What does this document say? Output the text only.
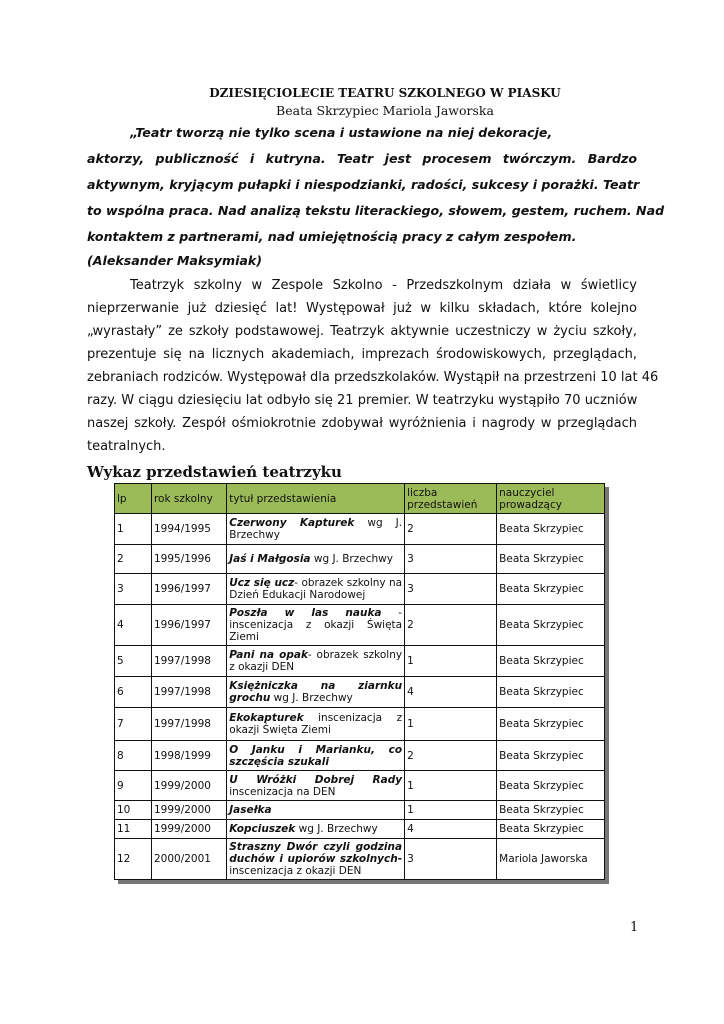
DZIESIĘCIOLECIE TEATRU SZKOLNEGO W PIASKU
Beata Skrzypiec Mariola Jaworska
„Teatr tworzą nie tylko scena i ustawione na niej dekoracje,
aktorzy, publiczność i kutryna. Teatr jest procesem twórczym. Bardzo
aktywnym, kryjącym pułapki i niespodzianki, radości, sukcesy i porażki. Teatr
to wspólna praca. Nad analizą tekstu literackiego, słowem, gestem, ruchem. Nad
kontaktem z partnerami, nad umiejętnością pracy z całym zespołem.
(Aleksander Maksymiak)
Teatrzyk szkolny w Zespole Szkolno - Przedszkolnym działa w świetlicy
nieprzerwanie już dziesięć lat! Występował już w kilku składach, które kolejno
„wyrastały” ze szkoły podstawowej. Teatrzyk aktywnie uczestniczy w życiu szkoły,
prezentuje się na licznych akademiach, imprezach środowiskowych, przeglądach,
zebraniach rodziców. Występował dla przedszkolaków. Wystąpił na przestrzeni 10 lat 46
razy. W ciągu dziesięciu lat odbyło się 21 premier. W teatrzyku wystąpiło 70 uczniów
naszej szkoły. Zespół ośmiokrotnie zdobywał wyróżnienia i nagrody w przeglądach
teatralnych.
Wykaz przedstawień teatrzyku
lp	rok szkolny	tytuł przedstawienia	liczba przedstawień	nauczyciel prowadzący
1	1994/1995	Czerwony Kapturek wg J. Brzechwy	2	Beata Skrzypiec
2	1995/1996	Jaś i Małgosia wg J. Brzechwy	3	Beata Skrzypiec
3	1996/1997	Ucz się ucz- obrazek szkolny na Dzień Edukacji Narodowej	3	Beata Skrzypiec
4	1996/1997	Poszła w las nauka - inscenizacja z okazji Święta Ziemi	2	Beata Skrzypiec
5	1997/1998	Pani na opak- obrazek szkolny z okazji DEN	1	Beata Skrzypiec
6	1997/1998	Księżniczka na ziarnku grochu wg J. Brzechwy	4	Beata Skrzypiec
7	1997/1998	Ekokapturek inscenizacja z okazji Święta Ziemi	1	Beata Skrzypiec
8	1998/1999	O Janku i Marianku, co szczęścia szukali	2	Beata Skrzypiec
9	1999/2000	U Wróżki Dobrej Rady inscenizacja na DEN	1	Beata Skrzypiec
10	1999/2000	Jasełka	1	Beata Skrzypiec
11	1999/2000	Kopciuszek wg J. Brzechwy	4	Beata Skrzypiec
12	2000/2001	Straszny Dwór czyli godzina duchów i upiorów szkolnych-inscenizacja z okazji DEN	3	Mariola Jaworska
1
